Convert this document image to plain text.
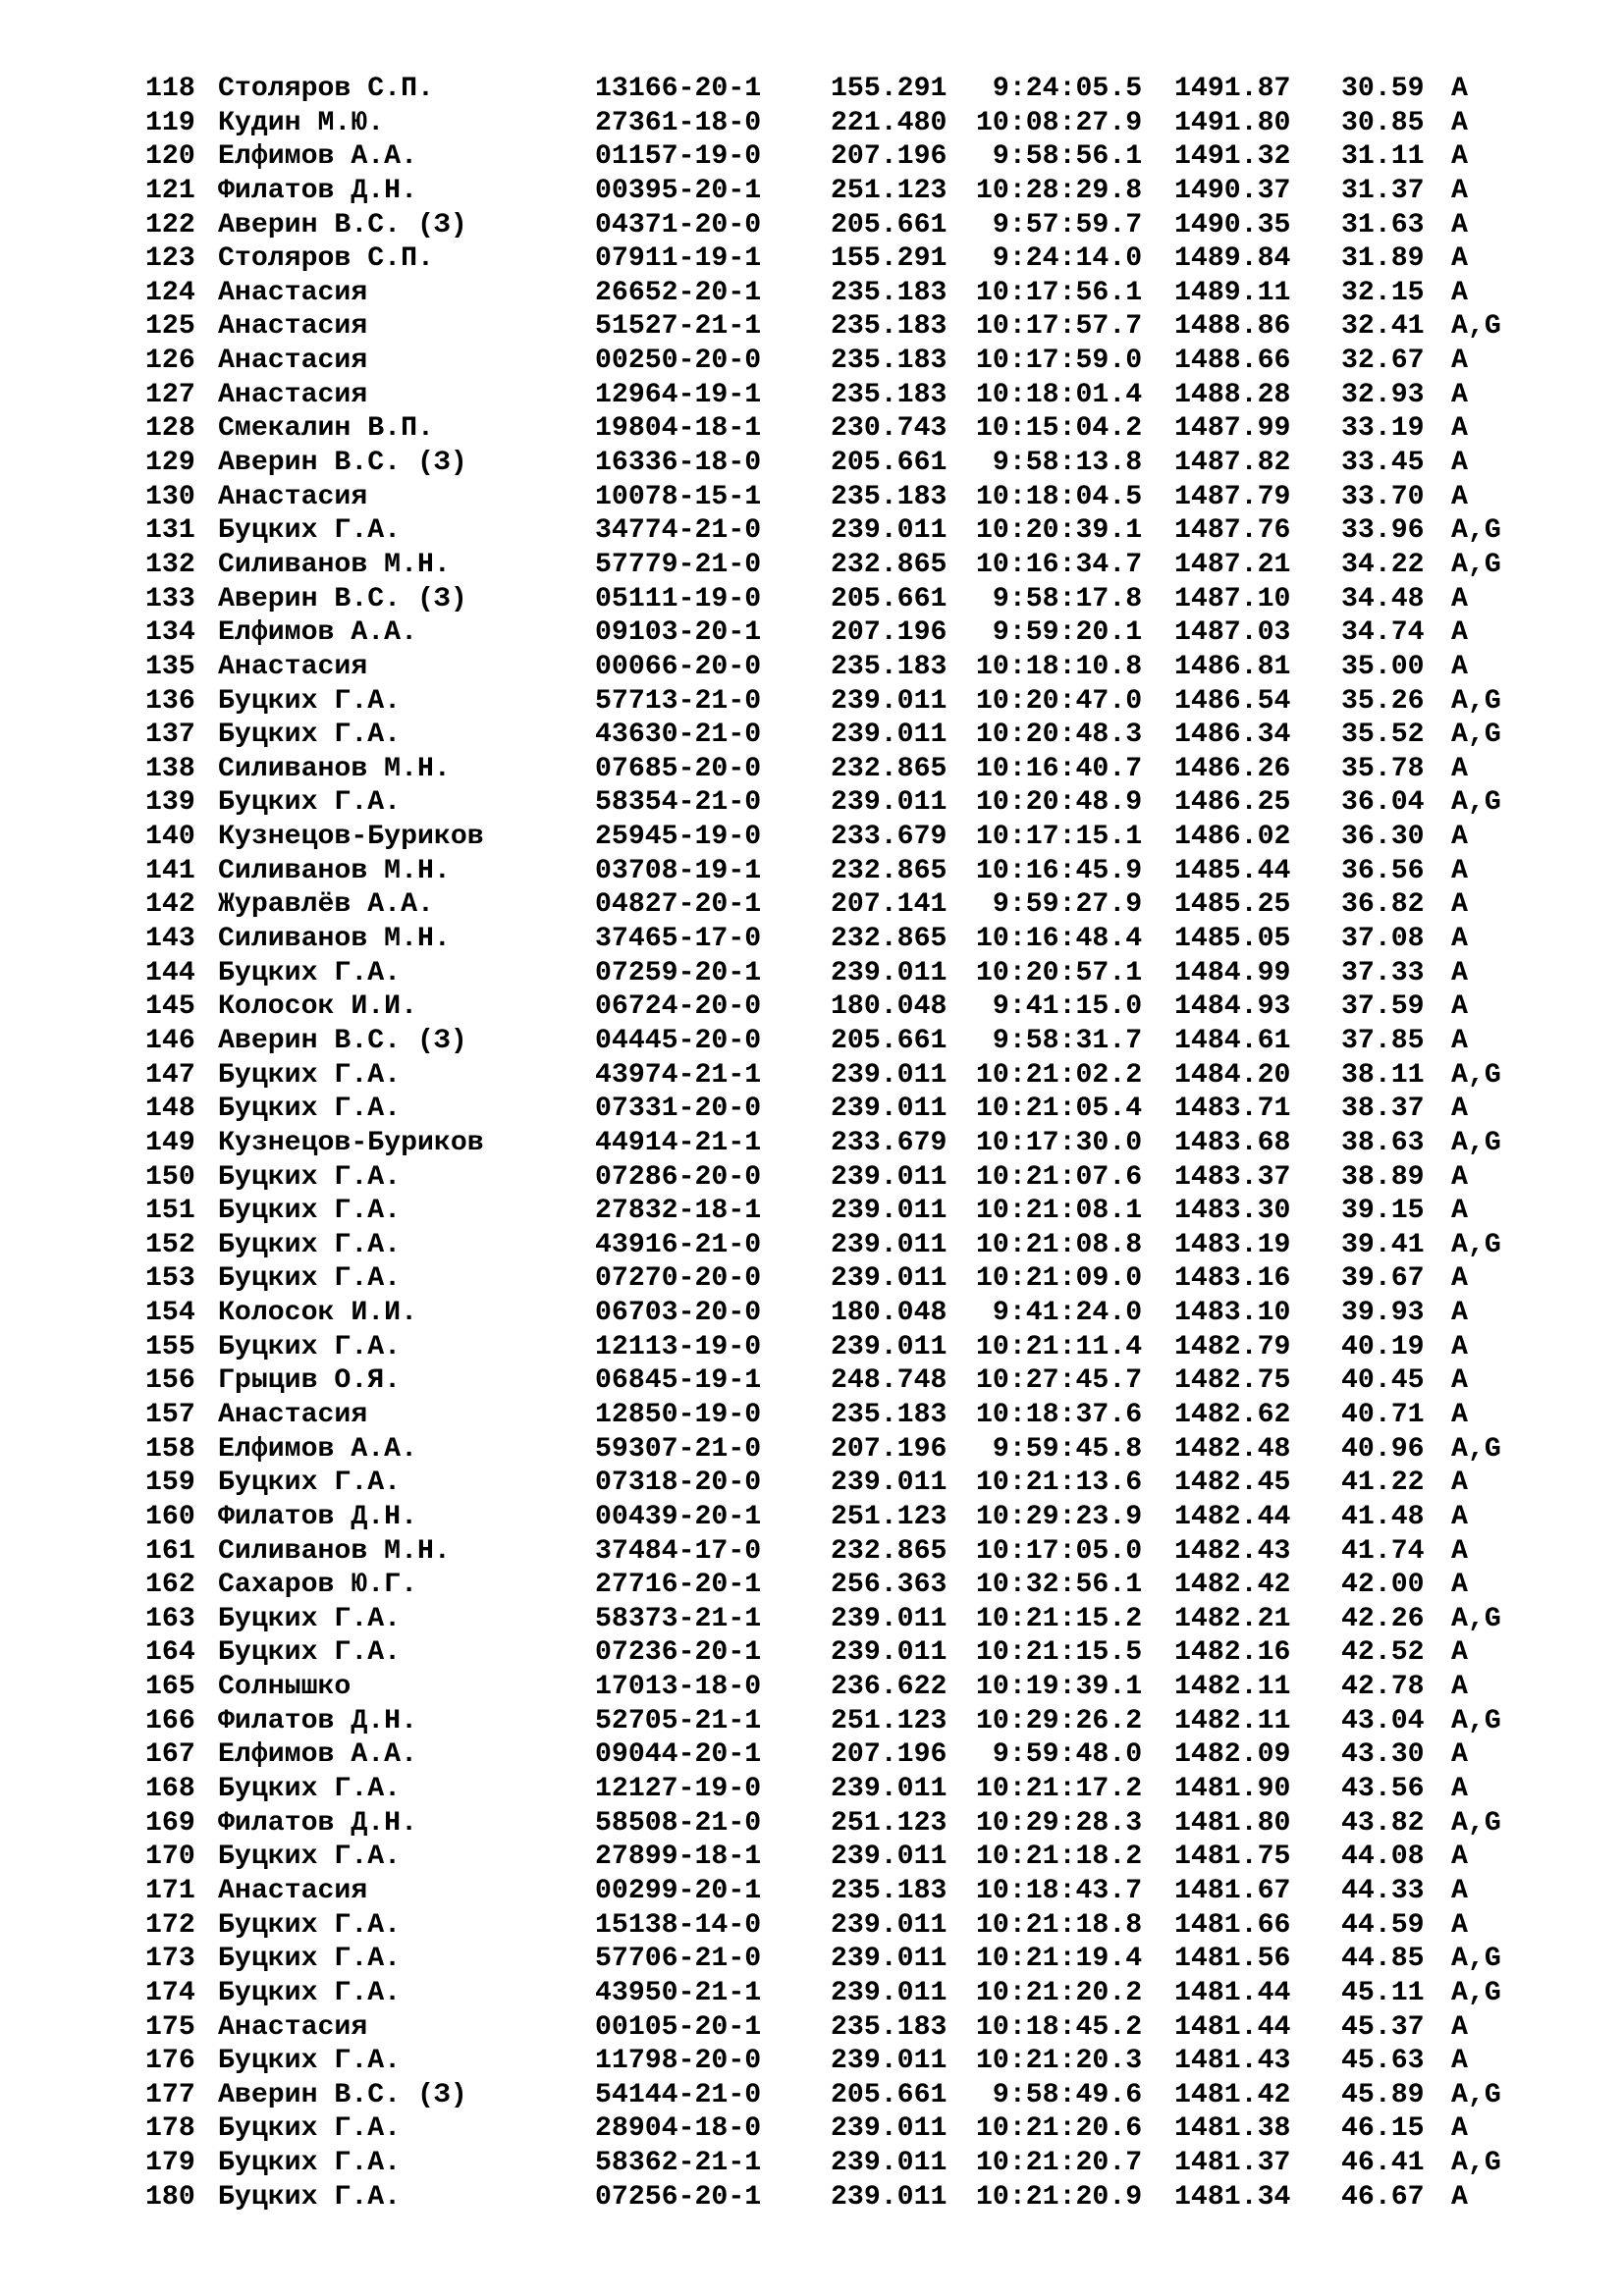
118 Столяров С.П.	13166-20-1	155.291 9:24:05.5 1491.87 30.59 A
119 Кудин М.Ю.	27361-18-0	221.480 10:08:27.9 1491.80 30.85 A
120 Елфимов А.А.	01157-19-0	207.196 9:58:56.1 1491.32 31.11 A
121 Филатов Д.Н.	00395-20-1	251.123 10:28:29.8 1490.37 31.37 A
122 Аверин В.С. (З)	04371-20-0	205.661 9:57:59.7 1490.35 31.63 A
123 Столяров С.П.	07911-19-1	155.291 9:24:14.0 1489.84 31.89 A
124 Анастасия	26652-20-1	235.183 10:17:56.1 1489.11 32.15 A
125 Анастасия	51527-21-1	235.183 10:17:57.7 1488.86 32.41 A,G
126 Анастасия	00250-20-0	235.183 10:17:59.0 1488.66 32.67 A
127 Анастасия	12964-19-1	235.183 10:18:01.4 1488.28 32.93 A
128 Смекалин В.П.	19804-18-1	230.743 10:15:04.2 1487.99 33.19 A
129 Аверин В.С. (З)	16336-18-0	205.661 9:58:13.8 1487.82 33.45 A
130 Анастасия	10078-15-1	235.183 10:18:04.5 1487.79 33.70 A
131 Буцких Г.А.	34774-21-0	239.011 10:20:39.1 1487.76 33.96 A,G
132 Силиванов М.Н.	57779-21-0	232.865 10:16:34.7 1487.21 34.22 A,G
133 Аверин В.С. (З)	05111-19-0	205.661 9:58:17.8 1487.10 34.48 A
134 Елфимов А.А.	09103-20-1	207.196 9:59:20.1 1487.03 34.74 A
135 Анастасия	00066-20-0	235.183 10:18:10.8 1486.81 35.00 A
136 Буцких Г.А.	57713-21-0	239.011 10:20:47.0 1486.54 35.26 A,G
137 Буцких Г.А.	43630-21-0	239.011 10:20:48.3 1486.34 35.52 A,G
138 Силиванов М.Н.	07685-20-0	232.865 10:16:40.7 1486.26 35.78 A
139 Буцких Г.А.	58354-21-0	239.011 10:20:48.9 1486.25 36.04 A,G
140 Кузнецов-Буриков	25945-19-0	233.679 10:17:15.1 1486.02 36.30 A
141 Силиванов М.Н.	03708-19-1	232.865 10:16:45.9 1485.44 36.56 A
142 Журавлёв А.А.	04827-20-1	207.141 9:59:27.9 1485.25 36.82 A
143 Силиванов М.Н.	37465-17-0	232.865 10:16:48.4 1485.05 37.08 A
144 Буцких Г.А.	07259-20-1	239.011 10:20:57.1 1484.99 37.33 A
145 Колосок И.И.	06724-20-0	180.048 9:41:15.0 1484.93 37.59 A
146 Аверин В.С. (З)	04445-20-0	205.661 9:58:31.7 1484.61 37.85 A
147 Буцких Г.А.	43974-21-1	239.011 10:21:02.2 1484.20 38.11 A,G
148 Буцких Г.А.	07331-20-0	239.011 10:21:05.4 1483.71 38.37 A
149 Кузнецов-Буриков	44914-21-1	233.679 10:17:30.0 1483.68 38.63 A,G
150 Буцких Г.А.	07286-20-0	239.011 10:21:07.6 1483.37 38.89 A
151 Буцких Г.А.	27832-18-1	239.011 10:21:08.1 1483.30 39.15 A
152 Буцких Г.А.	43916-21-0	239.011 10:21:08.8 1483.19 39.41 A,G
153 Буцких Г.А.	07270-20-0	239.011 10:21:09.0 1483.16 39.67 A
154 Колосок И.И.	06703-20-0	180.048 9:41:24.0 1483.10 39.93 A
155 Буцких Г.А.	12113-19-0	239.011 10:21:11.4 1482.79 40.19 A
156 Грыцив О.Я.	06845-19-1	248.748 10:27:45.7 1482.75 40.45 A
157 Анастасия	12850-19-0	235.183 10:18:37.6 1482.62 40.71 A
158 Елфимов А.А.	59307-21-0	207.196 9:59:45.8 1482.48 40.96 A,G
159 Буцких Г.А.	07318-20-0	239.011 10:21:13.6 1482.45 41.22 A
160 Филатов Д.Н.	00439-20-1	251.123 10:29:23.9 1482.44 41.48 A
161 Силиванов М.Н.	37484-17-0	232.865 10:17:05.0 1482.43 41.74 A
162 Сахаров Ю.Г.	27716-20-1	256.363 10:32:56.1 1482.42 42.00 A
163 Буцких Г.А.	58373-21-1	239.011 10:21:15.2 1482.21 42.26 A,G
164 Буцких Г.А.	07236-20-1	239.011 10:21:15.5 1482.16 42.52 A
165 Солнышко	17013-18-0	236.622 10:19:39.1 1482.11 42.78 A
166 Филатов Д.Н.	52705-21-1	251.123 10:29:26.2 1482.11 43.04 A,G
167 Елфимов А.А.	09044-20-1	207.196 9:59:48.0 1482.09 43.30 A
168 Буцких Г.А.	12127-19-0	239.011 10:21:17.2 1481.90 43.56 A
169 Филатов Д.Н.	58508-21-0	251.123 10:29:28.3 1481.80 43.82 A,G
170 Буцких Г.А.	27899-18-1	239.011 10:21:18.2 1481.75 44.08 A
171 Анастасия	00299-20-1	235.183 10:18:43.7 1481.67 44.33 A
172 Буцких Г.А.	15138-14-0	239.011 10:21:18.8 1481.66 44.59 A
173 Буцких Г.А.	57706-21-0	239.011 10:21:19.4 1481.56 44.85 A,G
174 Буцких Г.А.	43950-21-1	239.011 10:21:20.2 1481.44 45.11 A,G
175 Анастасия	00105-20-1	235.183 10:18:45.2 1481.44 45.37 A
176 Буцких Г.А.	11798-20-0	239.011 10:21:20.3 1481.43 45.63 A
177 Аверин В.С. (З)	54144-21-0	205.661 9:58:49.6 1481.42 45.89 A,G
178 Буцких Г.А.	28904-18-0	239.011 10:21:20.6 1481.38 46.15 A
179 Буцких Г.А.	58362-21-1	239.011 10:21:20.7 1481.37 46.41 A,G
180 Буцких Г.А.	07256-20-1	239.011 10:21:20.9 1481.34 46.67 A
